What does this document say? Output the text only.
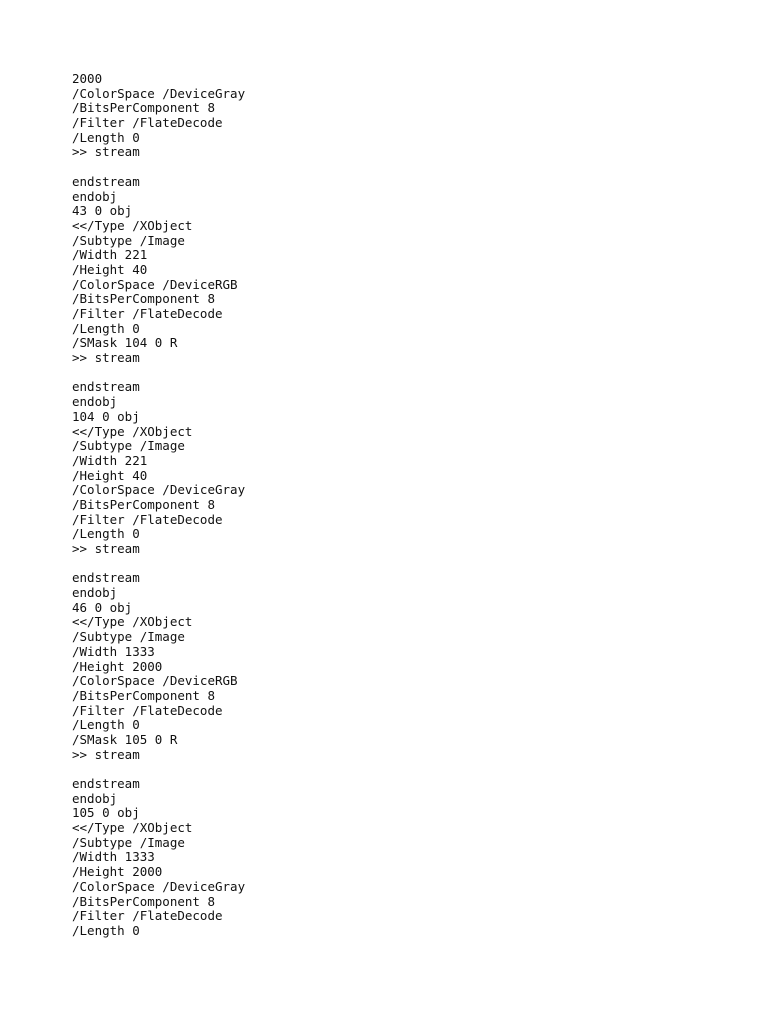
2000
/ColorSpace /DeviceGray
/BitsPerComponent 8
/Filter /FlateDecode
/Length 0
>> stream
endstream
endobj
43 0 obj
<</Type /XObject
/Subtype /Image
/Width 221
/Height 40
/ColorSpace /DeviceRGB
/BitsPerComponent 8
/Filter /FlateDecode
/Length 0
/SMask 104 0 R
>> stream
endstream
endobj
104 0 obj
<</Type /XObject
/Subtype /Image
/Width 221
/Height 40
/ColorSpace /DeviceGray
/BitsPerComponent 8
/Filter /FlateDecode
/Length 0
>> stream
endstream
endobj
46 0 obj
<</Type /XObject
/Subtype /Image
/Width 1333
/Height 2000
/ColorSpace /DeviceRGB
/BitsPerComponent 8
/Filter /FlateDecode
/Length 0
/SMask 105 0 R
>> stream
endstream
endobj
105 0 obj
<</Type /XObject
/Subtype /Image
/Width 1333
/Height 2000
/ColorSpace /DeviceGray
/BitsPerComponent 8
/Filter /FlateDecode
/Length 0
